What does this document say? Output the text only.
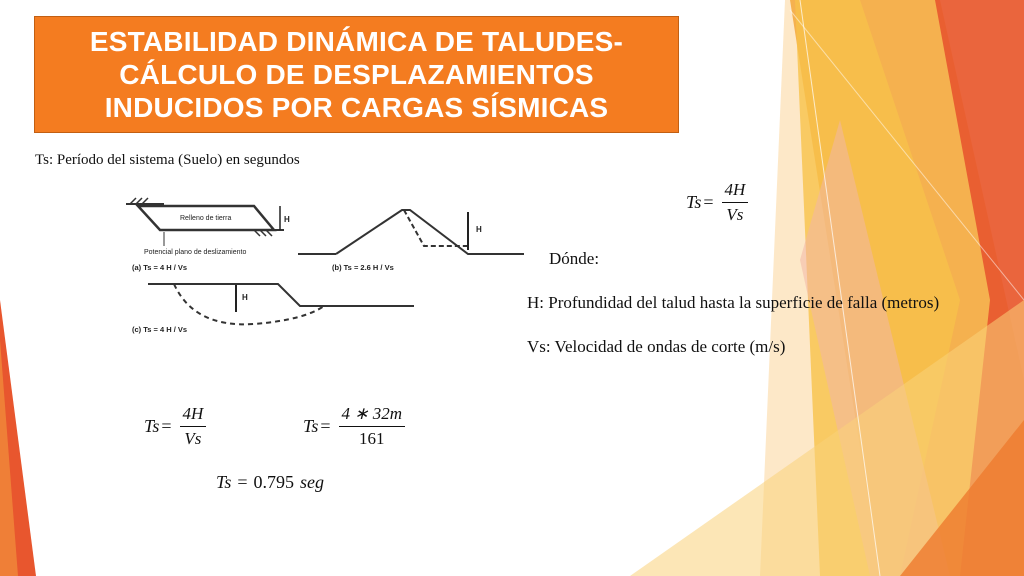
ESTABILIDAD DINÁMICA DE TALUDES-
CÁLCULO DE DESPLAZAMIENTOS
INDUCIDOS POR CARGAS SÍSMICAS
Ts: Período del sistema (Suelo) en segundos
$Ts = \frac{4H}{Vs}$
Dónde:
H: Profundidad del talud hasta la superficie de falla (metros)
Vs: Velocidad de ondas de corte (m/s)
Relleno de tierra	H
Potencial plano de deslizamiento
(a) Ts = 4 H / Vs
H
(b) Ts = 2.6 H / Vs
H
(c) Ts = 4 H / Vs
$Ts = \frac{4H}{Vs}$	$Ts = \frac{4 ∗ 32m}{161}$
Ts = 0.795 seg
